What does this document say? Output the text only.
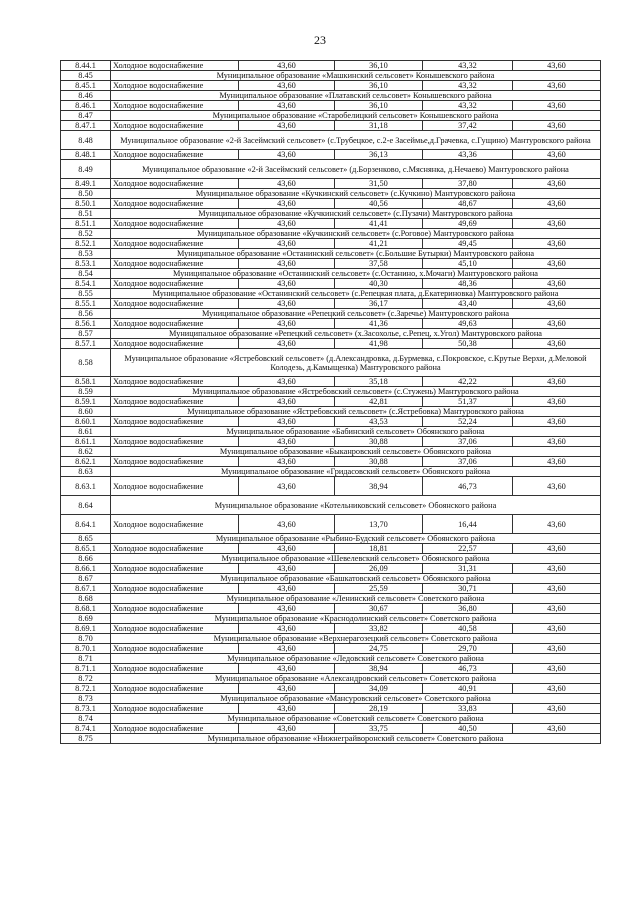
23
8.44.1	Холодное водоснабжение	43,60	36,10	43,32	43,60
8.45	Муниципальное образование «Машкинский сельсовет» Конышевского района				
8.45.1	Холодное водоснабжение	43,60	36,10	43,32	43,60
8.46	Муниципальное образование «Платавский сельсовет» Конышевского района				
8.46.1	Холодное водоснабжение	43,60	36,10	43,32	43,60
8.47	Муниципальное образование «Старобелицкий сельсовет» Конышевского района				
8.47.1	Холодное водоснабжение	43,60	31,18	37,42	43,60
8.48	Муниципальное образование «2-й Засеймский сельсовет» (с.Трубецкое, с.2-е Засеймье,д.Грачевка, с.Гущино) Мантуровского района				
8.48.1	Холодное водоснабжение	43,60	36,13	43,36	43,60
8.49	Муниципальное образование «2-й Засеймский сельсовет» (д.Борзенково, с.Мяснянка, д.Нечаево) Мантуровского района				
8.49.1	Холодное водоснабжение	43,60	31,50	37,80	43,60
8.50	Муниципальное образование «Кучкинский сельсовет» (с.Кучкино) Мантуровского района				
8.50.1	Холодное водоснабжение	43,60	40,56	48,67	43,60
8.51	Муниципальное образование «Кучкинский сельсовет» (с.Пузачи) Мантуровского района				
8.51.1	Холодное водоснабжение	43,60	41,41	49,69	43,60
8.52	Муниципальное образование «Кучкинский сельсовет» (с.Роговое) Мантуровского района				
8.52.1	Холодное водоснабжение	43,60	41,21	49,45	43,60
8.53	Муниципальное образование «Останинский сельсовет» (с.Большие Бутырки) Мантуровского района				
8.53.1	Холодное водоснабжение	43,60	37,58	45,10	43,60
8.54	Муниципальное образование «Останинский сельсовет» (с.Останино, х.Мочаги) Мантуровского района				
8.54.1	Холодное водоснабжение	43,60	40,30	48,36	43,60
8.55	Муниципальное образование «Останинский сельсовет» (с.Репецкая плата, д.Екатериновка) Мантуровского района				
8.55.1	Холодное водоснабжение	43,60	36,17	43,40	43,60
8.56	Муниципальное образование «Репецкий сельсовет» (с.Заречье) Мантуровского района				
8.56.1	Холодное водоснабжение	43,60	41,36	49,63	43,60
8.57	Муниципальное образование «Репецкий сельсовет» (х.Засохолье, с.Репец, х.Угол) Мантуровского района				
8.57.1	Холодное водоснабжение	43,60	41,98	50,38	43,60
8.58	Муниципальное образование «Ястребовский сельсовет» (д.Александровка, д.Бурмевка, с.Покровское, с.Крутые Верхи, д.Меловой Колодезь, д.Камыщенка) Мантуровского района				
8.58.1	Холодное водоснабжение	43,60	35,18	42,22	43,60
8.59	Муниципальное образование «Ястребовский сельсовет» (с.Стужень) Мантуровского района				
8.59.1	Холодное водоснабжение	43,60	42,81	51,37	43,60
8.60	Муниципальное образование «Ястребовский сельсовет» (с.Ястребовка) Мантуровского района				
8.60.1	Холодное водоснабжение	43,60	43,53	52,24	43,60
8.61	Муниципальное образование «Бабинский сельсовет» Обоянского района				
8.61.1	Холодное водоснабжение	43,60	30,88	37,06	43,60
8.62	Муниципальное образование «Быканровский сельсовет» Обоянского района				
8.62.1	Холодное водоснабжение	43,60	30,88	37,06	43,60
8.63	Муниципальное образование «Гридасовский сельсовет» Обоянского района				
8.63.1	Холодное водоснабжение	43,60	38,94	46,73	43,60
8.64	Муниципальное образование «Котельниковский сельсовет» Обоянского района				
8.64.1	Холодное водоснабжение	43,60	13,70	16,44	43,60
8.65	Муниципальное образование «Рыбино-Будский сельсовет» Обоянского района				
8.65.1	Холодное водоснабжение	43,60	18,81	22,57	43,60
8.66	Муниципальное образование «Шевелевский сельсовет» Обоянского района				
8.66.1	Холодное водоснабжение	43,60	26,09	31,31	43,60
8.67	Муниципальное образование «Башкатовский сельсовет» Обоянского района				
8.67.1	Холодное водоснабжение	43,60	25,59	30,71	43,60
8.68	Муниципальное образование «Ленинский сельсовет» Советского района				
8.68.1	Холодное водоснабжение	43,60	30,67	36,80	43,60
8.69	Муниципальное образование «Краснодолинский сельсовет» Советского района				
8.69.1	Холодное водоснабжение	43,60	33,82	40,58	43,60
8.70	Муниципальное образование «Верхнерагозецкий сельсовет» Советского района				
8.70.1	Холодное водоснабжение	43,60	24,75	29,70	43,60
8.71	Муниципальное образование «Ледовский сельсовет» Советского района				
8.71.1	Холодное водоснабжение	43,60	38,94	46,73	43,60
8.72	Муниципальное образование «Александровский сельсовет» Советского района				
8.72.1	Холодное водоснабжение	43,60	34,09	40,91	43,60
8.73	Муниципальное образование «Мансуровский сельсовет» Советского района				
8.73.1	Холодное водоснабжение	43,60	28,19	33,83	43,60
8.74	Муниципальное образование «Советский сельсовет» Советского района				
8.74.1	Холодное водоснабжение	43,60	33,75	40,50	43,60
8.75	Муниципальное образование «Нижнеграйворонский сельсовет» Советского района				
